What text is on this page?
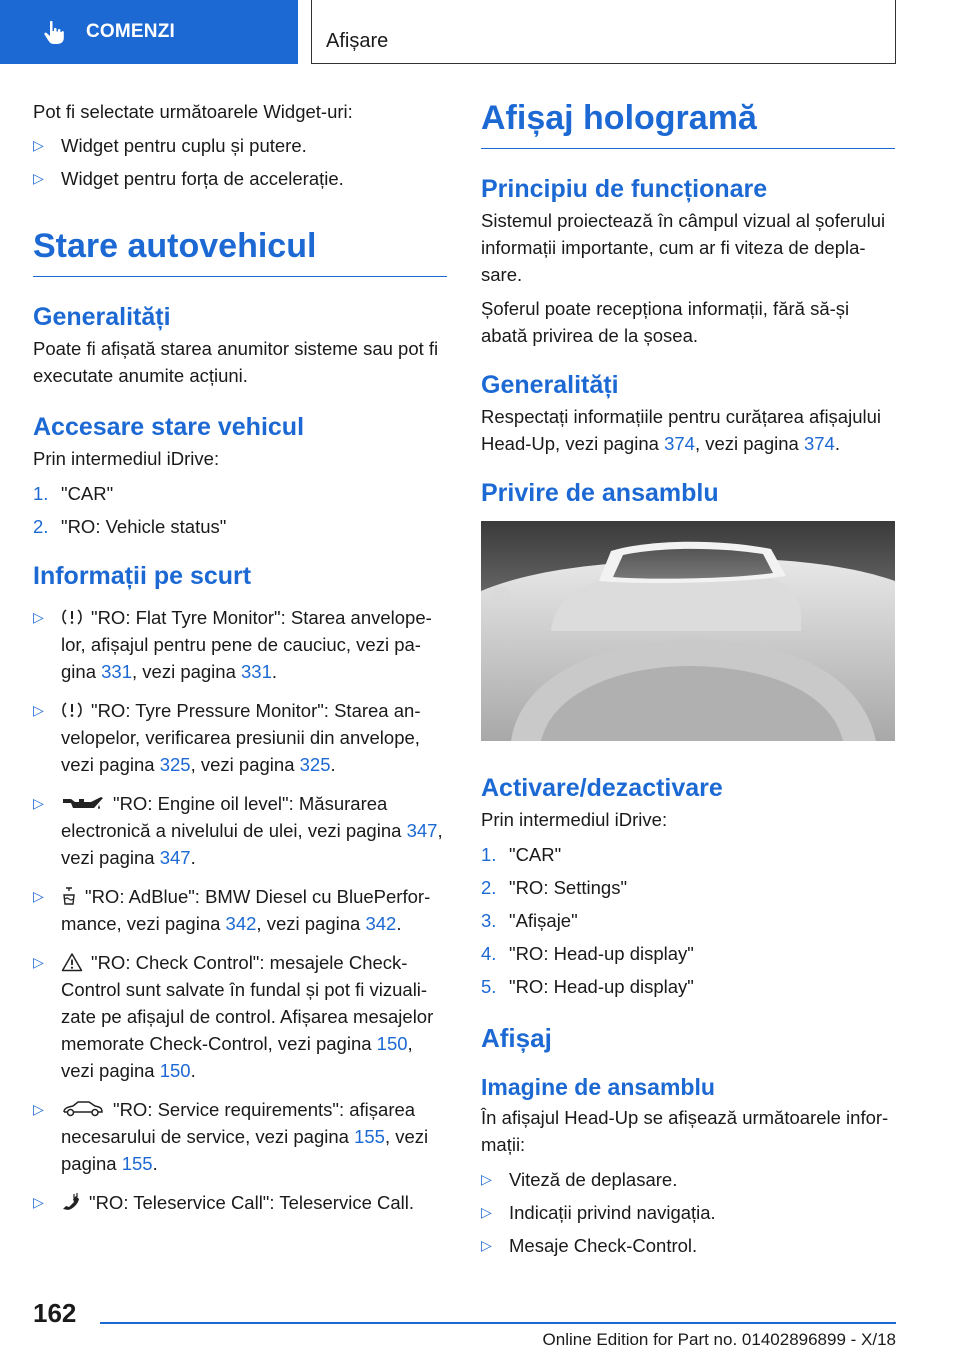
COMENZI	Afișare

Pot fi selectate următoarele Widget-uri:

▷ Widget pentru cuplu și putere.
▷ Widget pentru forța de accelerație.
Stare autovehicul
Generalități

Poate fi afișată starea anumitor sisteme sau pot fi executate anumite acțiuni.

Accesare stare vehicul

Prin intermediul iDrive:

1. "CAR"
2. "RO: Vehicle status"
Informații pe scurt
▷	"RO: Flat Tyre Monitor": Starea anvelopelor, afișajul pentru pene de cauciuc, vezi pagina 331, vezi pagina 331.
▷	"RO: Tyre Pressure Monitor": Starea anvelopelor, verificarea presiunii din anvelope, vezi pagina 325, vezi pagina 325.
▷	"RO: Engine oil level": Măsurarea electronică a nivelului de ulei, vezi pagina 347, vezi pagina 347.
▷ "RO: AdBlue": BMW Diesel cu BluePerformance, vezi pagina 342, vezi pagina 342.
▷	"RO: Check Control": mesajele Check-Control sunt salvate în fundal și pot fi vizualizate pe afișajul de control. Afișarea mesajelor memorate Check-Control, vezi pagina 150, vezi pagina 150.
▷	"RO: Service requirements": afișarea necesarului de service, vezi pagina 155, vezi pagina 155.
▷ "RO: Teleservice Call": Teleservice Call.
Afișaj hologramă
Principiu de funcționare

Sistemul proiectează în câmpul vizual al șoferului informații importante, cum ar fi viteza de deplasare.

Șoferul poate recepționa informații, fără să-și abată privirea de la șosea.

Generalități

Respectați informațiile pentru curățarea afișajului Head-Up, vezi pagina 374, vezi pagina 374.

Privire de ansamblu
Activare/dezactivare

Prin intermediul iDrive:

1. "CAR"
2. "RO: Settings"
3. "Afișaje"
4. "RO: Head-up display"
5. "RO: Head-up display"
Afișaj
Imagine de ansamblu

În afișajul Head-Up se afișează următoarele informații:

▷ Viteză de deplasare.
▷ Indicații privind navigația.
▷ Mesaje Check-Control.
162
Online Edition for Part no. 01402896899 - X/18
